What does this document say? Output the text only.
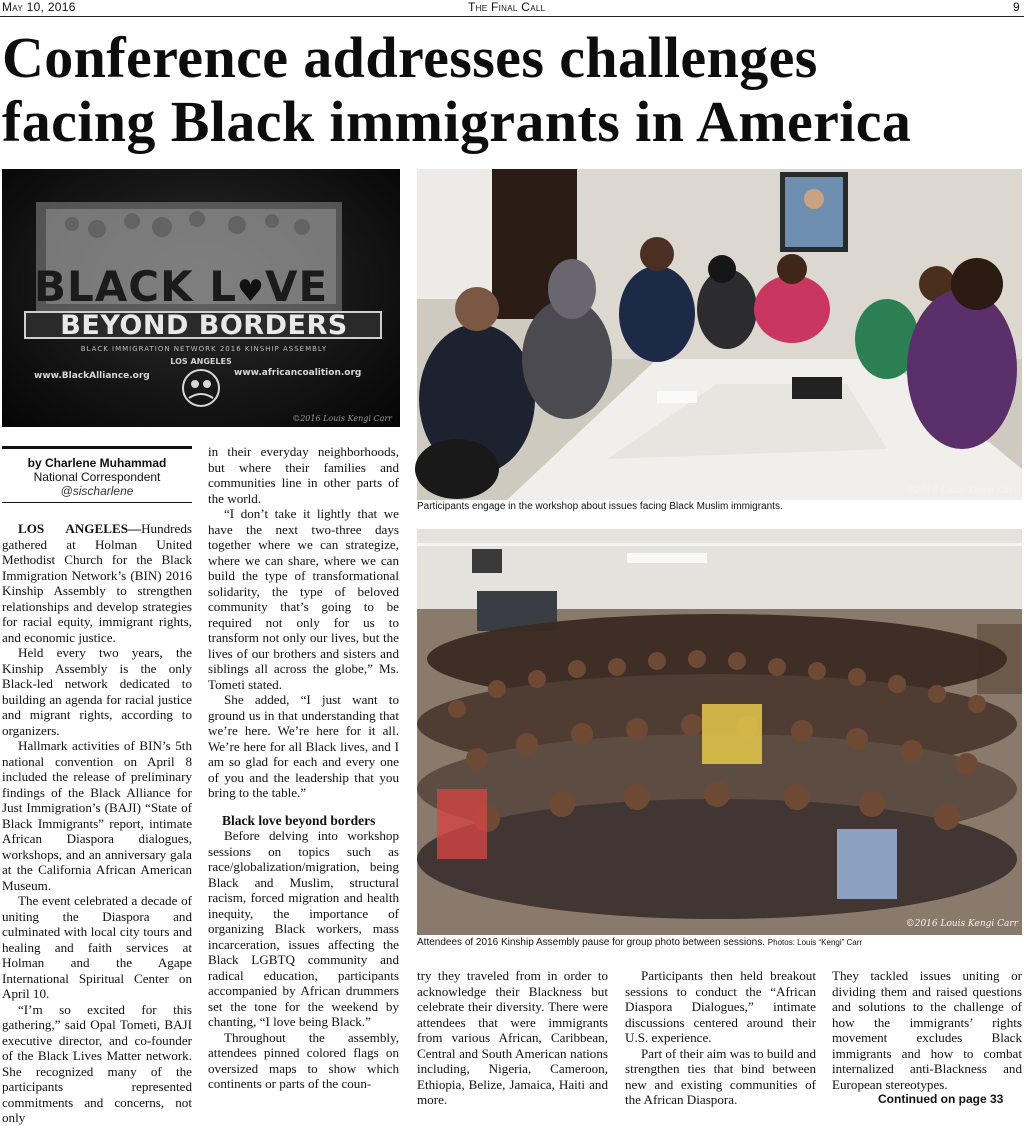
May 10, 2016	The Final Call	9
Conference addresses challenges
facing Black immigrants in America
BLACK L♥VE
BEYOND BORDERS
BLACK IMMIGRATION NETWORK 2016 KINSHIP ASSEMBLY
LOS ANGELES
www.BlackAlliance.org	www.africancoalition.org
©2016 Louis Kengi Carr
©2016 Louis Kengi Carr
Participants engage in the workshop about issues facing Black Muslim immigrants.
©2016 Louis Kengi Carr
Attendees of 2016 Kinship Assembly pause for group photo between sessions. Photos: Louis “Kengi” Carr
by Charlene Muhammad
National Correspondent
@sischarlene

LOS ANGELES—Hundreds gathered at Holman United Methodist Church for the Black Immigration Network’s (BIN) 2016 Kinship Assembly to strengthen relationships and develop strategies for racial equity, immigrant rights, and economic justice.

Held every two years, the Kinship Assembly is the only Black-led network dedicated to building an agenda for racial justice and migrant rights, according to organizers.

Hallmark activities of BIN’s 5th national convention on April 8 included the release of preliminary findings of the Black Alliance for Just Immigration’s (BAJI) “State of Black Immigrants” report, intimate African Diaspora dialogues, workshops, and an anniversary gala at the California African American Museum.

The event celebrated a decade of uniting the Diaspora and culminated with local city tours and healing and faith services at Holman and the Agape International Spiritual Center on April 10.

“I’m so excited for this gathering,” said Opal Tometi, BAJI executive director, and co-founder of the Black Lives Matter network. She recognized many of the participants represented commitments and concerns, not only

in their everyday neighborhoods, but where their families and communities line in other parts of the world.

“I don’t take it lightly that we have the next two-three days together where we can strategize, where we can share, where we can build the type of transformational solidarity, the type of beloved community that’s going to be required not only for us to transform not only our lives, but the lives of our brothers and sisters and siblings all across the globe,” Ms. Tometi stated.

She added, “I just want to ground us in that understanding that we’re here. We’re here for it all. We’re here for all Black lives, and I am so glad for each and every one of you and the leadership that you bring to the table.”

Black love beyond borders

Before delving into workshop sessions on topics such as race/globalization/migration, being Black and Muslim, structural racism, forced migration and health inequity, the importance of organizing Black workers, mass incarceration, issues affecting the Black LGBTQ community and radical education, participants accompanied by African drummers set the tone for the weekend by chanting, “I love being Black.”

Throughout the assembly, attendees pinned colored flags on oversized maps to show which continents or parts of the coun-

try they traveled from in order to acknowledge their Blackness but celebrate their diversity. There were attendees that were immigrants from various African, Caribbean, Central and South American nations including, Nigeria, Cameroon, Ethiopia, Belize, Jamaica, Haiti and more.

Participants then held breakout sessions to conduct the “African Diaspora Dialogues,” intimate discussions centered around their U.S. experience.

Part of their aim was to build and strengthen ties that bind between new and existing communities of the African Diaspora.

They tackled issues uniting or dividing them and raised questions and solutions to the challenge of how the immigrants’ rights movement excludes Black immigrants and how to combat internalized anti-Blackness and European stereotypes.

Continued on page 33
